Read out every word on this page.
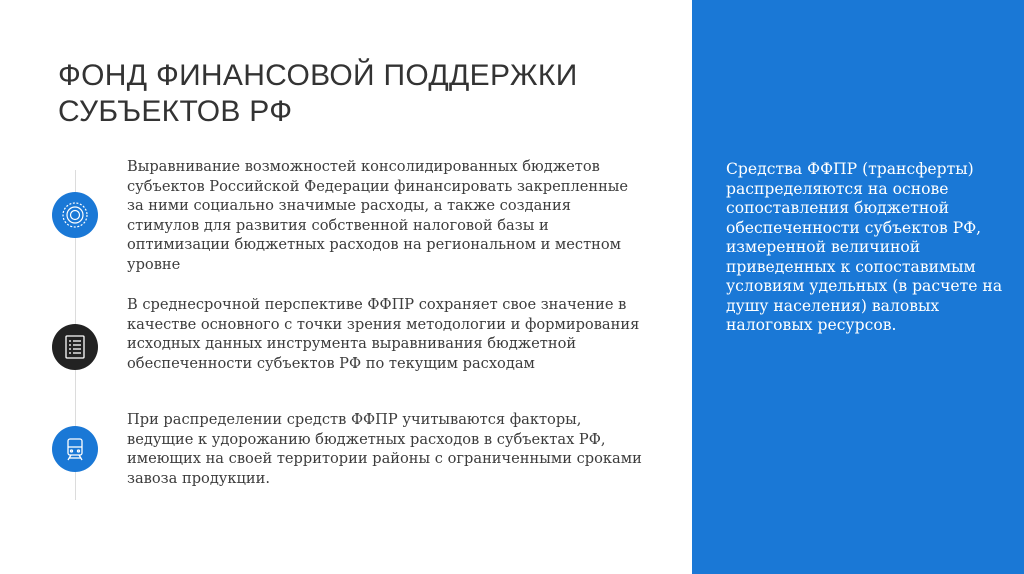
ФОНД ФИНАНСОВОЙ ПОДДЕРЖКИ СУБЪЕКТОВ РФ

Выравнивание возможностей консолидированных бюджетов субъектов Российской Федерации финансировать закрепленные за ними социально значимые расходы, а также создания стимулов для развития собственной налоговой базы и оптимизации бюджетных расходов на региональном и местном уровне

В среднесрочной перспективе ФФПР сохраняет свое значение в качестве основного с точки зрения методологии и формирования исходных данных инструмента выравнивания бюджетной обеспеченности субъектов РФ по текущим расходам

При распределении средств ФФПР учитываются факторы, ведущие к удорожанию бюджетных расходов в субъектах РФ, имеющих на своей территории районы с ограниченными сроками завоза продукции.

Средства ФФПР (трансферты) распределяются на основе сопоставления бюджетной обеспеченности субъектов РФ, измеренной величиной приведенных к сопоставимым условиям удельных (в расчете на душу населения) валовых налоговых ресурсов.
